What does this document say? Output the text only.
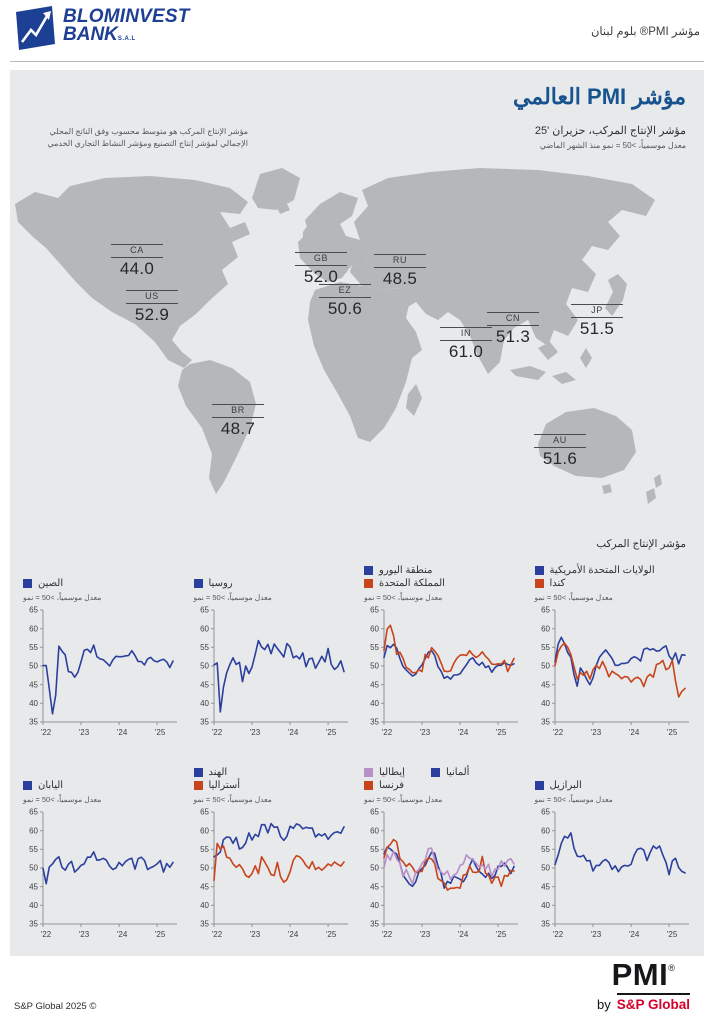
BLOMINVEST
BANKS.A.L
مؤشر PMI® بلوم لبنان
مؤشر PMI العالمي
مؤشر الإنتاج المركب، حزيران '25
معدل موسمياً، >50 = نمو منذ الشهر الماضي
مؤشر الإنتاج المركب هو متوسط محسوب وفق الناتج المحلي الإجمالي لمؤشر إنتاج التصنيع ومؤشر النشاط التجاري الخدمي
CA
44.0
US
52.9
GB
52.0
EZ
50.6
RU
48.5
IN
61.0
CN
51.3
JP
51.5
BR
48.7
AU
51.6
مؤشر الإنتاج المركب
الصين
معدل موسمياً، >50 = نمو
65
60
55
50
45
40
35
'22	'23	'24	'25
روسيا
معدل موسمياً، >50 = نمو
65
60
55
50
45
40
35
'22	'23	'24	'25
منطقة اليورو
المملكة المتحدة
معدل موسمياً، >50 = نمو
65
60
55
50
45
40
35
'22	'23	'24	'25
الولايات المتحدة الأمريكية
كندا
معدل موسمياً، >50 = نمو
65
60
55
50
45
40
35
'22	'23	'24	'25
اليابان
معدل موسمياً، >50 = نمو
65
60
55
50
45
40
35
'22	'23	'24	'25
الهند
أستراليا
معدل موسمياً، >50 = نمو
65
60
55
50
45
40
35
'22	'23	'24	'25
ألمانيا
إيطاليا
فرنسا
معدل موسمياً، >50 = نمو
65
60
55
50
45
40
35
'22	'23	'24	'25
البرازيل
معدل موسمياً، >50 = نمو
65
60
55
50
45
40
35
'22	'23	'24	'25
S&P Global 2025 ©
PMI®
by S&P Global
